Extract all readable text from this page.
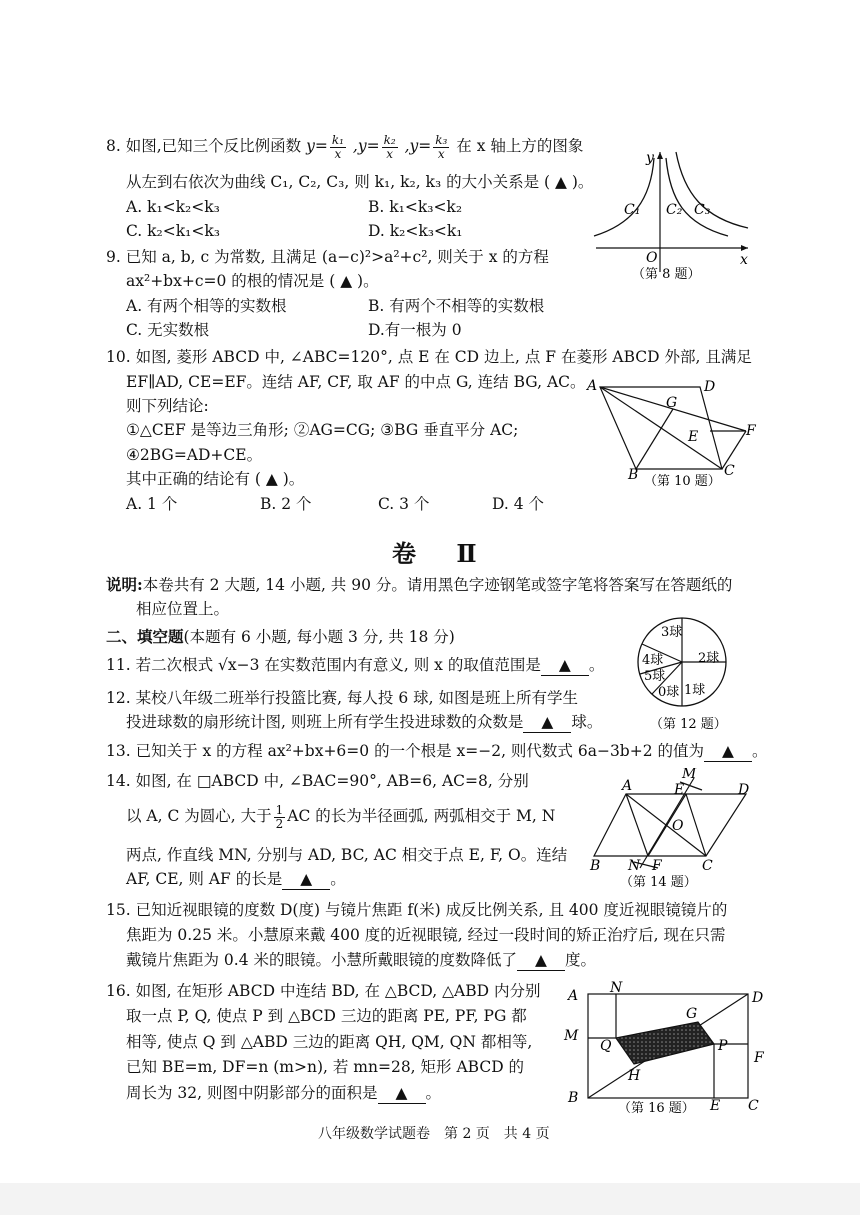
8. 如图,已知三个反比例函数 $y= \frac{\text{k₁}}{x} ,y= \frac{\text{k₂}}{x} ,y= \frac{\text{k₃}}{x}$ 在 x 轴上方的图象
从左到右依次为曲线 C₁, C₂, C₃, 则 k₁, k₂, k₃ 的大小关系是 ( ▲ )。
A. k₁<k₂<k₃	B. k₁<k₃<k₂
C. k₂<k₁<k₃	D. k₂<k₃<k₁
y
x
O
C₁ C₂ C₃
（第 8 题）
9. 已知 a, b, c 为常数, 且满足 (a−c)²>a²+c², 则关于 x 的方程
ax²+bx+c=0 的根的情况是 ( ▲ )。
A. 有两个相等的实数根	B. 有两个不相等的实数根
C. 无实数根	D.有一根为 0
10. 如图, 菱形 ABCD 中, ∠ABC=120°, 点 E 在 CD 边上, 点 F 在菱形 ABCD 外部, 且满足
EF∥AD, CE=EF。连结 AF, CF, 取 AF 的中点 G, 连结 BG, AC。
则下列结论:
①△CEF 是等边三角形; ②AG=CG; ③BG 垂直平分 AC;
④2BG=AD+CE。
其中正确的结论有 ( ▲ )。
A. 1 个	B. 2 个	C. 3 个	D. 4 个
A	D
G
E	F
B	C
（第 10 题）
卷 Ⅱ
说明:本卷共有 2 大题, 14 小题, 共 90 分。请用黑色字迹钢笔或签字笔将答案写在答题纸的
相应位置上。
二、填空题(本题有 6 小题, 每小题 3 分, 共 18 分)
11. 若二次根式 √x−3 在实数范围内有意义, 则 x 的取值范围是 ▲ 。
12. 某校八年级二班举行投篮比赛, 每人投 6 球, 如图是班上所有学生
投进球数的扇形统计图, 则班上所有学生投进球数的众数是 ▲ 球。
3球
2球
4球
5球
0球 1球
（第 12 题）
13. 已知关于 x 的方程 ax²+bx+6=0 的一个根是 x=−2, 则代数式 6a−3b+2 的值为 ▲ 。
14. 如图, 在 □ABCD 中, ∠BAC=90°, AB=6, AC=8, 分别
以 A, C 为圆心, 大于 $\frac{1}{2}$ AC 的长为半径画弧, 两弧相交于 M, N
两点, 作直线 MN, 分别与 AD, BC, AC 相交于点 E, F, O。连结
AF, CE, 则 AF 的长是 ▲ 。
A
M
E	D
O
B N F	C
（第 14 题）
15. 已知近视眼镜的度数 D(度) 与镜片焦距 f(米) 成反比例关系, 且 400 度近视眼镜镜片的
焦距为 0.25 米。小慧原来戴 400 度的近视眼镜, 经过一段时间的矫正治疗后, 现在只需
戴镜片焦距为 0.4 米的眼镜。小慧所戴眼镜的度数降低了 ▲ 度。
16. 如图, 在矩形 ABCD 中连结 BD, 在 △BCD, △ABD 内分别
取一点 P, Q, 使点 P 到 △BCD 三边的距离 PE, PF, PG 都
相等, 使点 Q 到 △ABD 三边的距离 QH, QM, QN 都相等,
已知 BE=m, DF=n (m>n), 若 mn=28, 矩形 ABCD 的
周长为 32, 则图中阴影部分的面积是 ▲ 。
A N
D
G
M
Q	P
F
H
B	E C
（第 16 题）
八年级数学试题卷　第 2 页　共 4 页
